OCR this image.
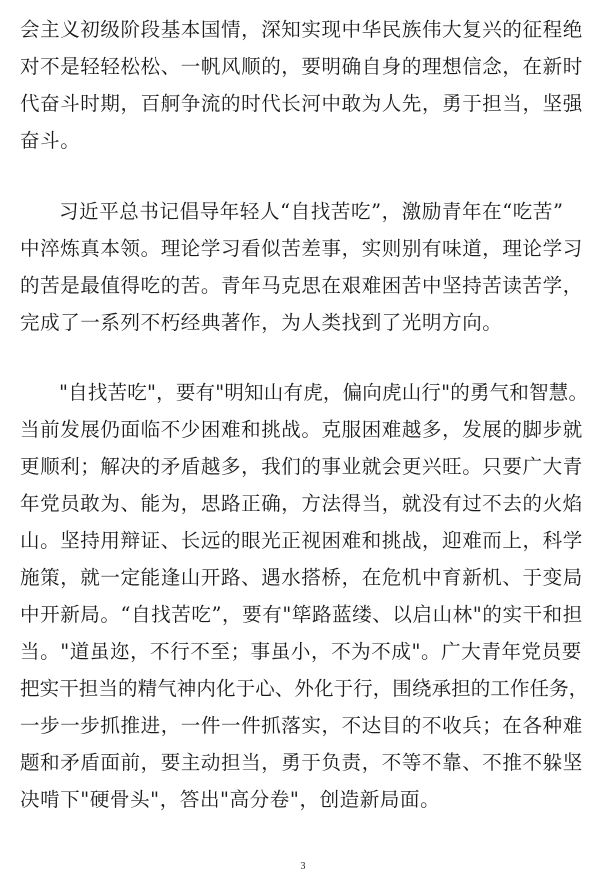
会主义初级阶段基本国情，深知实现中华民族伟大复兴的征程绝
对不是轻轻松松、一帆风顺的，要明确自身的理想信念，在新时
代奋斗时期，百舸争流的时代长河中敢为人先，勇于担当，坚强
奋斗。
习近平总书记倡导年轻人“自找苦吃”，激励青年在“吃苦”
中淬炼真本领。理论学习看似苦差事，实则别有味道，理论学习
的苦是最值得吃的苦。青年马克思在艰难困苦中坚持苦读苦学，
完成了一系列不朽经典著作，为人类找到了光明方向。
"自找苦吃"，要有"明知山有虎，偏向虎山行"的勇气和智慧。
当前发展仍面临不少困难和挑战。克服困难越多，发展的脚步就
更顺利；解决的矛盾越多，我们的事业就会更兴旺。只要广大青
年党员敢为、能为，思路正确，方法得当，就没有过不去的火焰
山。坚持用辩证、长远的眼光正视困难和挑战，迎难而上，科学
施策，就一定能逢山开路、遇水搭桥，在危机中育新机、于变局
中开新局。“自找苦吃”，要有"筚路蓝缕、以启山林"的实干和担
当。"道虽迩，不行不至；事虽小，不为不成"。广大青年党员要
把实干担当的精气神内化于心、外化于行，围绕承担的工作任务，
一步一步抓推进，一件一件抓落实，不达目的不收兵；在各种难
题和矛盾面前，要主动担当，勇于负责，不等不靠、不推不躲坚
决啃下"硬骨头"，答出"高分卷"，创造新局面。
3
